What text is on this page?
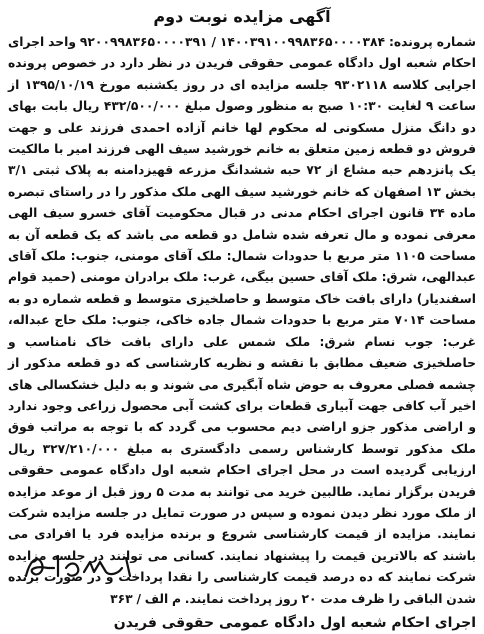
آگهی مزایده نوبت دوم

شماره پرونده: ۱۴۰۰۳۹۱۰۰۹۹۸۳۶۵۰۰۰۰۳۸۴ / ۹۲۰۰۹۹۸۳۶۵۰۰۰۰۳۹۱ واحد اجرای احکام شعبه اول دادگاه عمومی حقوقی فریدن در نظر دارد در خصوص پرونده اجرایی کلاسه ۹۳۰۲۱۱۸ جلسه مزایده ای در روز یکشنبه مورخ ۱۳۹۵/۱۰/۱۹ از ساعت ۹ لغایت ۱۰:۳۰ صبح به منظور وصول مبلغ ۴۳۲/۵۰۰/۰۰۰ ریال بابت بهای دو دانگ منزل مسکونی له محکوم لها خانم آزاده احمدی فرزند علی و جهت فروش دو قطعه زمین متعلق به خانم خورشید سیف الهی فرزند امیر با مالکیت یک پانزدهم حبه مشاع از ۷۲ حبه ششدانگ مزرعه قهیزدامنه به پلاک ثبتی ۳/۱ بخش ۱۳ اصفهان که خانم خورشید سیف الهی ملک مذکور را در راستای تبصره ماده ۳۴ قانون اجرای احکام مدنی در قبال محکومیت آقای خسرو سیف الهی معرفی نموده و مال تعرفه شده شامل دو قطعه می باشد که یک قطعه آن به مساحت ۱۱۰۵ متر مربع با حدودات شمال: ملک آقای مومنی، جنوب: ملک آقای عبدالهی، شرق: ملک آقای حسین بیگی، غرب: ملک برادران مومنی (حمید قوام اسفندیار) دارای بافت خاک متوسط و حاصلخیزی متوسط و قطعه شماره دو به مساحت ۷۰۱۴ متر مربع با حدودات شمال جاده خاکی، جنوب: ملک حاج عبداله، غرب: جوب نسام شرق: ملک شمس علی دارای بافت خاک نامناسب و حاصلخیزی ضعیف مطابق با نقشه و نظریه کارشناسی که دو قطعه مذکور از چشمه فصلی معروف به حوض شاه آبگیری می شوند و به دلیل خشکسالی های اخیر آب کافی جهت آبیاری قطعات برای کشت آبی محصول زراعی وجود ندارد و اراضی مذکور جزو اراضی دیم محسوب می گردد که با توجه به مراتب فوق ملک مذکور توسط کارشناس رسمی دادگستری به مبلغ ۳۲۷/۲۱۰/۰۰۰ ریال ارزیابی گردیده است در محل اجرای احکام شعبه اول دادگاه عمومی حقوقی فریدن برگزار نماید. طالبین خرید می توانند به مدت ۵ روز قبل از موعد مزایده از ملک مورد نظر دیدن نموده و سپس در صورت تمایل در جلسه مزایده شرکت نمایند. مزایده از قیمت کارشناسی شروع و برنده مزایده فرد یا افرادی می باشند که بالاترین قیمت را پیشنهاد نمایند. کسانی می توانند در جلسه مزایده شرکت نمایند که ده درصد قیمت کارشناسی را نقدا پرداخت و در صورت برنده شدن الباقی را ظرف مدت ۲۰ روز پرداخت نمایند. م الف / ۳۶۳

اجرای احکام شعبه اول دادگاه عمومی حقوقی فریدن
